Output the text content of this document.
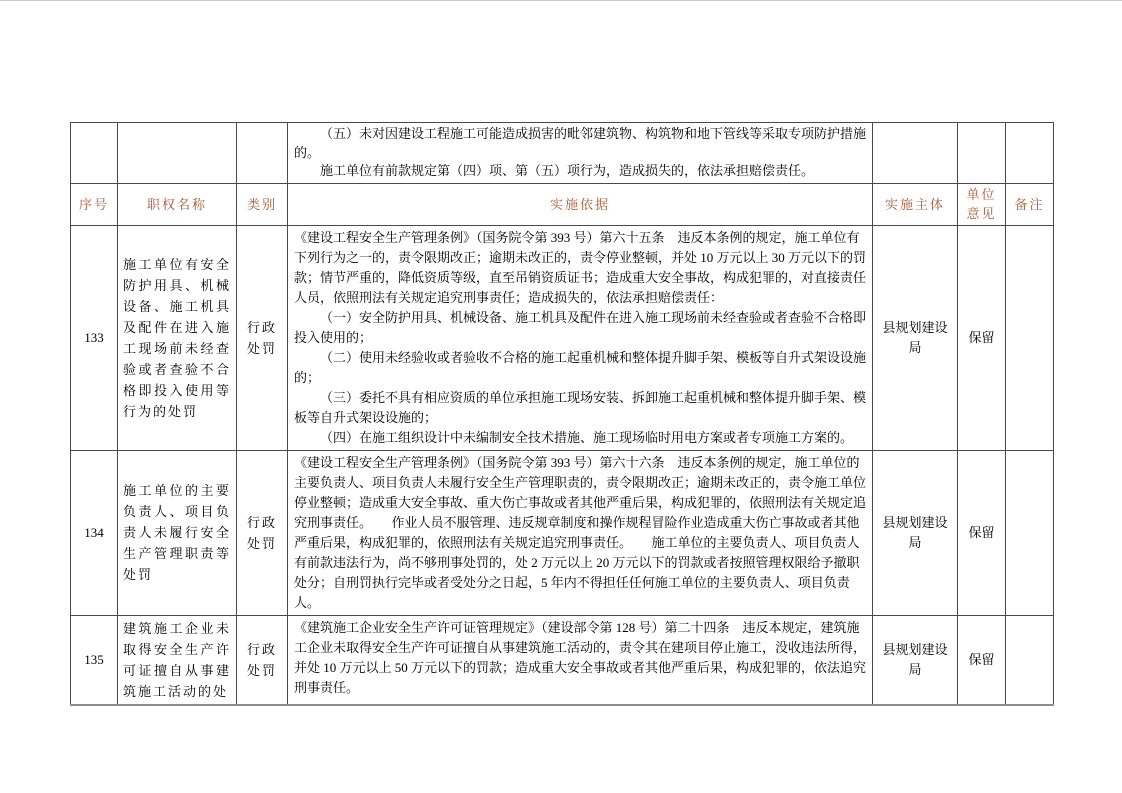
			（五）未对因建设工程施工可能造成损害的毗邻建筑物、构筑物和地下管线等采取专项防护措施的。

施工单位有前款规定第（四）项、第（五）项行为，造成损失的，依法承担赔偿责任。			

序号	职权名称	类别	实施依据	实施主体	单位意见	备注
133	施工单位有安全防护用具、机械设备、施工机具及配件在进入施工现场前未经查验或者查验不合格即投入使用等行为的处罚	行政处罚	《建设工程安全生产管理条例》（国务院令第 393 号）第六十五条　违反本条例的规定，施工单位有下列行为之一的，责令限期改正；逾期未改正的，责令停业整顿，并处 10 万元以上 30 万元以下的罚款；情节严重的，降低资质等级，直至吊销资质证书；造成重大安全事故，构成犯罪的，对直接责任人员，依照刑法有关规定追究刑事责任；造成损失的，依法承担赔偿责任：

（一）安全防护用具、机械设备、施工机具及配件在进入施工现场前未经查验或者查验不合格即投入使用的；

（二）使用未经验收或者验收不合格的施工起重机械和整体提升脚手架、模板等自升式架设设施的；

（三）委托不具有相应资质的单位承担施工现场安装、拆卸施工起重机械和整体提升脚手架、模板等自升式架设设施的；

（四）在施工组织设计中未编制安全技术措施、施工现场临时用电方案或者专项施工方案的。	县规划建设局	保留	
134	施工单位的主要负责人、项目负责人未履行安全生产管理职责等处罚	行政处罚	《建设工程安全生产管理条例》（国务院令第 393 号）第六十六条　违反本条例的规定，施工单位的主要负责人、项目负责人未履行安全生产管理职责的，责令限期改正；逾期未改正的，责令施工单位停业整顿；造成重大安全事故、重大伤亡事故或者其他严重后果，构成犯罪的，依照刑法有关规定追究刑事责任。　　作业人员不服管理、违反规章制度和操作规程冒险作业造成重大伤亡事故或者其他严重后果，构成犯罪的，依照刑法有关规定追究刑事责任。　　施工单位的主要负责人、项目负责人有前款违法行为，尚不够刑事处罚的，处 2 万元以上 20 万元以下的罚款或者按照管理权限给予撤职处分；自刑罚执行完毕或者受处分之日起，5 年内不得担任任何施工单位的主要负责人、项目负责人。	县规划建设局	保留	
135	建筑施工企业未取得安全生产许可证擅自从事建筑施工活动的处	行政处罚	《建筑施工企业安全生产许可证管理规定》（建设部令第 128 号）第二十四条　违反本规定，建筑施工企业未取得安全生产许可证擅自从事建筑施工活动的，责令其在建项目停止施工，没收违法所得，并处 10 万元以上 50 万元以下的罚款；造成重大安全事故或者其他严重后果，构成犯罪的，依法追究刑事责任。	县规划建设局	保留	
